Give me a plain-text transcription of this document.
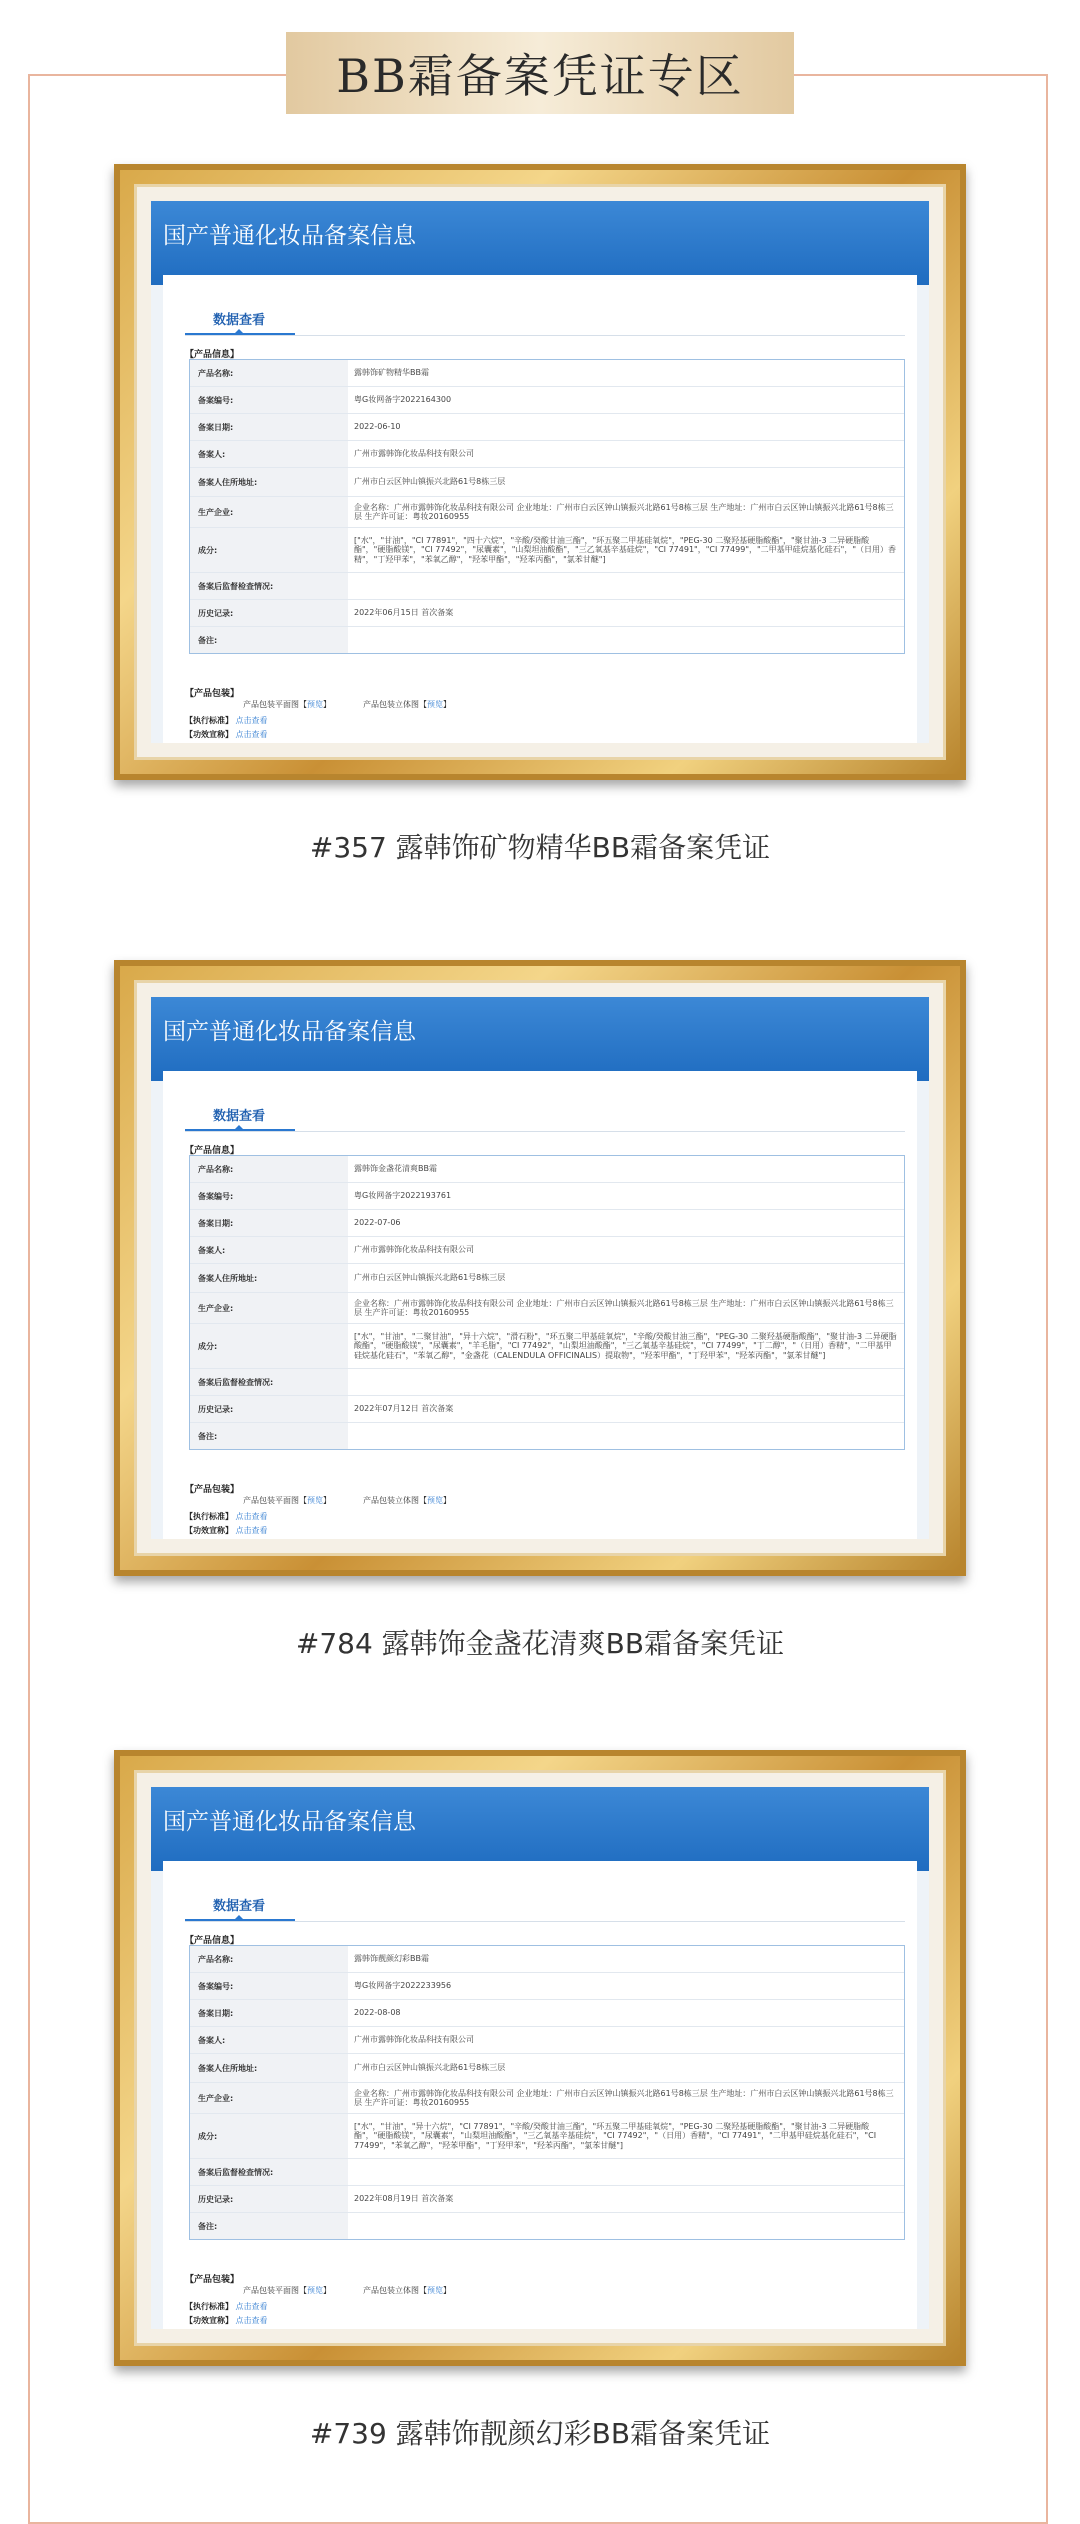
BB霜备案凭证专区
国产普通化妆品备案信息
数据查看
【产品信息】
产品名称:	露韩饰矿物精华BB霜
备案编号:	粤G妆网备字2022164300
备案日期:	2022-06-10
备案人:	广州市露韩饰化妆品科技有限公司
备案人住所地址:	广州市白云区钟山镇振兴北路61号8栋三层
生产企业:
企业名称：广州市露韩饰化妆品科技有限公司 企业地址：广州市白云区钟山镇振兴北路61号8栋三层 生产地址：广州市白云区钟山镇振兴北路61号8栋三层 生产许可证：粤妆20160955
成分:
["水"，"甘油"，"CI 77891"，"四十六烷"，"辛酸/癸酸甘油三酯"，"环五聚二甲基硅氧烷"，"PEG-30 二聚羟基硬脂酸酯"，"聚甘油-3 二异硬脂酸酯"，"硬脂酸镁"，"CI 77492"，"尿囊素"，"山梨坦油酸酯"，"三乙氧基辛基硅烷"，"CI 77491"，"CI 77499"，"二甲基甲硅烷基化硅石"，"（日用）香精"，"丁羟甲苯"，"苯氧乙醇"，"羟苯甲酯"，"羟苯丙酯"，"氯苯甘醚"]
备案后监督检查情况:
历史记录:	2022年06月15日 首次备案
备注:
【产品包装】
产品包装平面图【预览】	产品包装立体图【预览】
【执行标准】 点击查看
【功效宣称】 点击查看
#357 露韩饰矿物精华BB霜备案凭证
国产普通化妆品备案信息
数据查看
【产品信息】
产品名称:	露韩饰金盏花清爽BB霜
备案编号:	粤G妆网备字2022193761
备案日期:	2022-07-06
备案人:	广州市露韩饰化妆品科技有限公司
备案人住所地址:	广州市白云区钟山镇振兴北路61号8栋三层
生产企业:
企业名称：广州市露韩饰化妆品科技有限公司 企业地址：广州市白云区钟山镇振兴北路61号8栋三层 生产地址：广州市白云区钟山镇振兴北路61号8栋三层 生产许可证：粤妆20160955
成分:
["水"，"甘油"，"二聚甘油"，"异十六烷"，"滑石粉"，"环五聚二甲基硅氧烷"，"辛酸/癸酸甘油三酯"，"PEG-30 二聚羟基硬脂酸酯"，"聚甘油-3 二异硬脂酸酯"，"硬脂酸镁"，"尿囊素"，"羊毛脂"，"CI 77492"，"山梨坦油酸酯"，"三乙氧基辛基硅烷"，"CI 77499"，"丁二醇"，"（日用）香精"，"二甲基甲硅烷基化硅石"，"苯氧乙醇"，"金盏花（CALENDULA OFFICINALIS）提取物"，"羟苯甲酯"，"丁羟甲苯"，"羟苯丙酯"，"氯苯甘醚"]
备案后监督检查情况:
历史记录:	2022年07月12日 首次备案
备注:
【产品包装】
产品包装平面图【预览】	产品包装立体图【预览】
【执行标准】 点击查看
【功效宣称】 点击查看
#784 露韩饰金盏花清爽BB霜备案凭证
国产普通化妆品备案信息
数据查看
【产品信息】
产品名称:	露韩饰靓颜幻彩BB霜
备案编号:	粤G妆网备字2022233956
备案日期:	2022-08-08
备案人:	广州市露韩饰化妆品科技有限公司
备案人住所地址:	广州市白云区钟山镇振兴北路61号8栋三层
生产企业:
企业名称：广州市露韩饰化妆品科技有限公司 企业地址：广州市白云区钟山镇振兴北路61号8栋三层 生产地址：广州市白云区钟山镇振兴北路61号8栋三层 生产许可证：粤妆20160955
成分:
["水"，"甘油"，"异十六烷"，"CI 77891"，"辛酸/癸酸甘油三酯"，"环五聚二甲基硅氧烷"，"PEG-30 二聚羟基硬脂酸酯"，"聚甘油-3 二异硬脂酸酯"，"硬脂酸镁"，"尿囊素"，"山梨坦油酸酯"，"三乙氧基辛基硅烷"，"CI 77492"，"（日用）香精"，"CI 77491"，"二甲基甲硅烷基化硅石"，"CI 77499"，"苯氧乙醇"，"羟苯甲酯"，"丁羟甲苯"，"羟苯丙酯"，"氯苯甘醚"]
备案后监督检查情况:
历史记录:	2022年08月19日 首次备案
备注:
【产品包装】
产品包装平面图【预览】	产品包装立体图【预览】
【执行标准】 点击查看
【功效宣称】 点击查看
#739 露韩饰靓颜幻彩BB霜备案凭证
